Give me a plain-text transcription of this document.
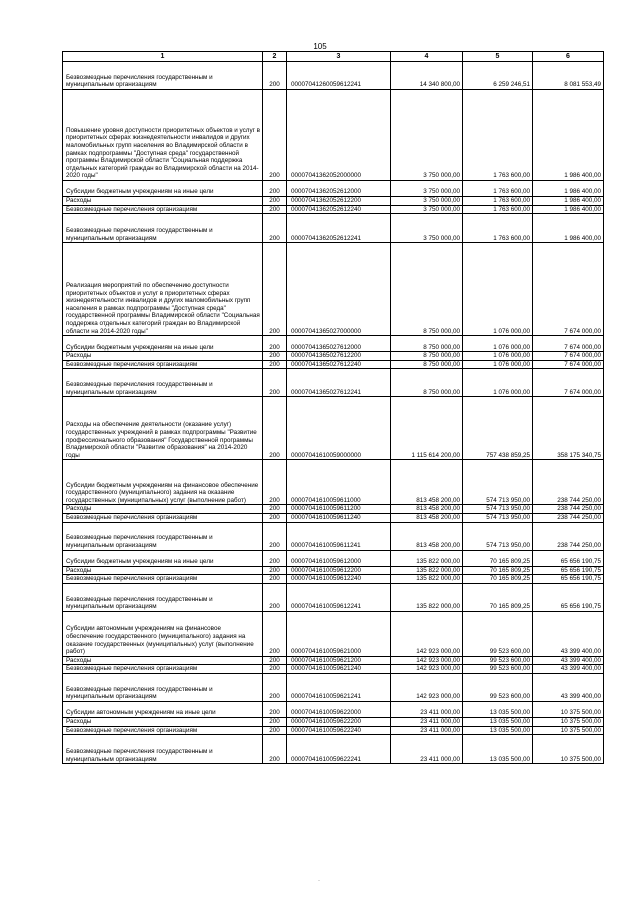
105
1	2	3	4	5	6
Безвозмездные перечисления государственным и муниципальным организациям	200	00007041260059612241	14 340 800,00	6 259 246,51	8 081 553,49
Повышение уровня доступности приоритетных объектов и услуг в приоритетных сферах жизнедеятельности инвалидов и других маломобильных групп населения во Владимирской области в рамках подпрограммы "Доступная среда" государственной программы Владимирской области "Социальная поддержка отдельных категорий граждан во Владимирской области на 2014-2020 годы"	200	00007041362052000000	3 750 000,00	1 763 600,00	1 986 400,00
Субсидии бюджетным учреждениям на иные цели	200	00007041362052612000	3 750 000,00	1 763 600,00	1 986 400,00
Расходы	200	00007041362052612200	3 750 000,00	1 763 600,00	1 986 400,00
Безвозмездные перечисления организациям	200	00007041362052612240	3 750 000,00	1 763 600,00	1 986 400,00
Безвозмездные перечисления государственным и муниципальным организациям	200	00007041362052612241	3 750 000,00	1 763 600,00	1 986 400,00
Реализация мероприятий по обеспечению доступности приоритетных объектов и услуг в приоритетных сферах жизнедеятельности инвалидов и других маломобильных групп населения в рамках подпрограммы "Доступная среда" государственной программы Владимирской области "Социальная поддержка отдельных категорий граждан во Владимирской области на 2014-2020 годы"	200	00007041365027000000	8 750 000,00	1 076 000,00	7 674 000,00
Субсидии бюджетным учреждениям на иные цели	200	00007041365027612000	8 750 000,00	1 076 000,00	7 674 000,00
Расходы	200	00007041365027612200	8 750 000,00	1 076 000,00	7 674 000,00
Безвозмездные перечисления организациям	200	00007041365027612240	8 750 000,00	1 076 000,00	7 674 000,00
Безвозмездные перечисления государственным и муниципальным организациям	200	00007041365027612241	8 750 000,00	1 076 000,00	7 674 000,00
Расходы на обеспечение деятельности (оказание услуг) государственных учреждений в рамках подпрограммы "Развитие профессионального образования" Государственной программы Владимирской области "Развитие образования" на 2014-2020 годы	200	00007041610059000000	1 115 614 200,00	757 438 859,25	358 175 340,75
Субсидии бюджетным учреждениям на финансовое обеспечение государственного (муниципального) задания на оказание государственных (муниципальных) услуг (выполнение работ)	200	00007041610059611000	813 458 200,00	574 713 950,00	238 744 250,00
Расходы	200	00007041610059611200	813 458 200,00	574 713 950,00	238 744 250,00
Безвозмездные перечисления организациям	200	00007041610059611240	813 458 200,00	574 713 950,00	238 744 250,00
Безвозмездные перечисления государственным и муниципальным организациям	200	00007041610059611241	813 458 200,00	574 713 950,00	238 744 250,00
Субсидии бюджетным учреждениям на иные цели	200	00007041610059612000	135 822 000,00	70 165 809,25	65 656 190,75
Расходы	200	00007041610059612200	135 822 000,00	70 165 809,25	65 656 190,75
Безвозмездные перечисления организациям	200	00007041610059612240	135 822 000,00	70 165 809,25	65 656 190,75
Безвозмездные перечисления государственным и муниципальным организациям	200	00007041610059612241	135 822 000,00	70 165 809,25	65 656 190,75
Субсидии автономным учреждениям на финансовое обеспечение государственного (муниципального) задания на оказание государственных (муниципальных) услуг (выполнение работ)	200	00007041610059621000	142 923 000,00	99 523 600,00	43 399 400,00
Расходы	200	00007041610059621200	142 923 000,00	99 523 600,00	43 399 400,00
Безвозмездные перечисления организациям	200	00007041610059621240	142 923 000,00	99 523 600,00	43 399 400,00
Безвозмездные перечисления государственным и муниципальным организациям	200	00007041610059621241	142 923 000,00	99 523 600,00	43 399 400,00
Субсидии автономным учреждениям на иные цели	200	00007041610059622000	23 411 000,00	13 035 500,00	10 375 500,00
Расходы	200	00007041610059622200	23 411 000,00	13 035 500,00	10 375 500,00
Безвозмездные перечисления организациям	200	00007041610059622240	23 411 000,00	13 035 500,00	10 375 500,00
Безвозмездные перечисления государственным и муниципальным организациям	200	00007041610059622241	23 411 000,00	13 035 500,00	10 375 500,00
·
